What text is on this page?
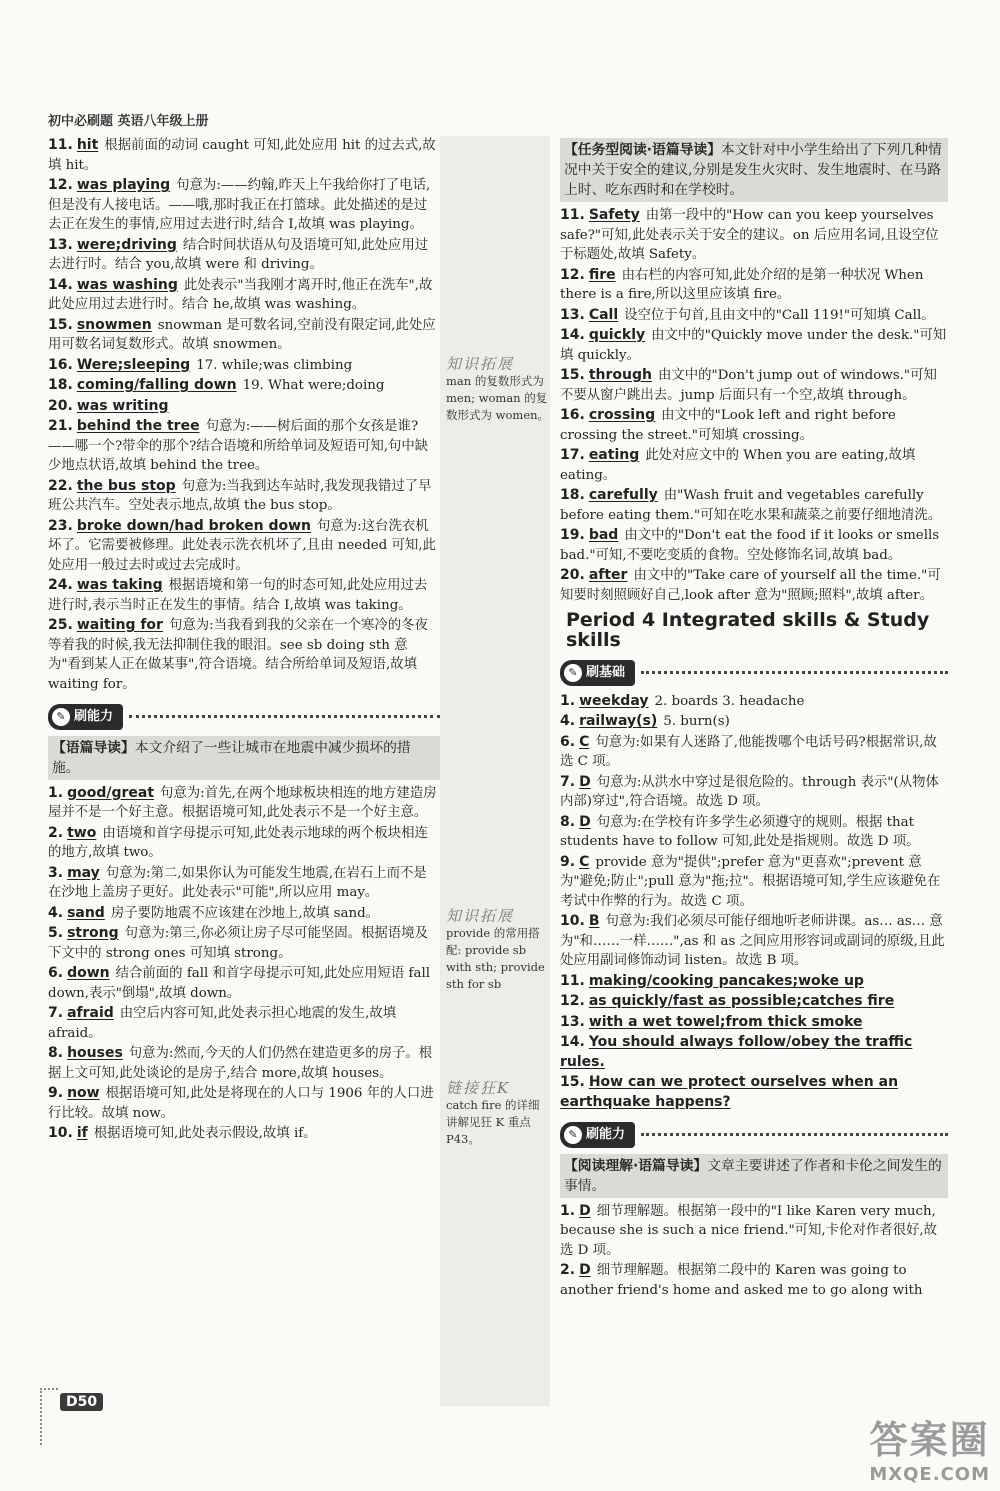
初中必刷题 英语八年级上册
11. hit 根据前面的动词 caught 可知,此处应用 hit 的过去式,故填 hit。
12. was playing 句意为:——约翰,昨天上午我给你打了电话,但是没有人接电话。——哦,那时我正在打篮球。此处描述的是过去正在发生的事情,应用过去进行时,结合 I,故填 was playing。
13. were;driving 结合时间状语从句及语境可知,此处应用过去进行时。结合 you,故填 were 和 driving。
14. was washing 此处表示"当我刚才离开时,他正在洗车",故此处应用过去进行时。结合 he,故填 was washing。
15. snowmen snowman 是可数名词,空前没有限定词,此处应用可数名词复数形式。故填 snowmen。
16. Were;sleeping 17. while;was climbing
18. coming/falling down 19. What were;doing
20. was writing
21. behind the tree 句意为:——树后面的那个女孩是谁?——哪一个?带伞的那个?结合语境和所给单词及短语可知,句中缺少地点状语,故填 behind the tree。
22. the bus stop 句意为:当我到达车站时,我发现我错过了早班公共汽车。空处表示地点,故填 the bus stop。
23. broke down/had broken down 句意为:这台洗衣机坏了。它需要被修理。此处表示洗衣机坏了,且由 needed 可知,此处应用一般过去时或过去完成时。
24. was taking 根据语境和第一句的时态可知,此处应用过去进行时,表示当时正在发生的事情。结合 I,故填 was taking。
25. waiting for 句意为:当我看到我的父亲在一个寒冷的冬夜等着我的时候,我无法抑制住我的眼泪。see sb doing sth 意为"看到某人正在做某事",符合语境。结合所给单词及短语,故填 waiting for。
✎ 刷能力
【语篇导读】本文介绍了一些让城市在地震中减少损坏的措施。
1. good/great 句意为:首先,在两个地球板块相连的地方建造房屋并不是一个好主意。根据语境可知,此处表示不是一个好主意。
2. two 由语境和首字母提示可知,此处表示地球的两个板块相连的地方,故填 two。
3. may 句意为:第二,如果你认为可能发生地震,在岩石上而不是在沙地上盖房子更好。此处表示"可能",所以应用 may。
4. sand 房子要防地震不应该建在沙地上,故填 sand。
5. strong 句意为:第三,你必须让房子尽可能坚固。根据语境及下文中的 strong ones 可知填 strong。
6. down 结合前面的 fall 和首字母提示可知,此处应用短语 fall down,表示"倒塌",故填 down。
7. afraid 由空后内容可知,此处表示担心地震的发生,故填 afraid。
8. houses 句意为:然而,今天的人们仍然在建造更多的房子。根据上文可知,此处谈论的是房子,结合 more,故填 houses。
9. now 根据语境可知,此处是将现在的人口与 1906 年的人口进行比较。故填 now。
10. if 根据语境可知,此处表示假设,故填 if。
知识拓展
man 的复数形式为 men; woman 的复数形式为 women。
知识拓展
provide 的常用搭配: provide sb with sth; provide sth for sb
链接狂K
catch fire 的详细讲解见狂 K 重点 P43。
【任务型阅读·语篇导读】本文针对中小学生给出了下列几种情况中关于安全的建议,分别是发生火灾时、发生地震时、在马路上时、吃东西时和在学校时。
11. Safety 由第一段中的"How can you keep yourselves safe?"可知,此处表示关于安全的建议。on 后应用名词,且设空位于标题处,故填 Safety。
12. fire 由右栏的内容可知,此处介绍的是第一种状况 When there is a fire,所以这里应该填 fire。
13. Call 设空位于句首,且由文中的"Call 119!"可知填 Call。
14. quickly 由文中的"Quickly move under the desk."可知填 quickly。
15. through 由文中的"Don't jump out of windows."可知不要从窗户跳出去。jump 后面只有一个空,故填 through。
16. crossing 由文中的"Look left and right before crossing the street."可知填 crossing。
17. eating 此处对应文中的 When you are eating,故填 eating。
18. carefully 由"Wash fruit and vegetables carefully before eating them."可知在吃水果和蔬菜之前要仔细地清洗。
19. bad 由文中的"Don't eat the food if it looks or smells bad."可知,不要吃变质的食物。空处修饰名词,故填 bad。
20. after 由文中的"Take care of yourself all the time."可知要时刻照顾好自己,look after 意为"照顾;照料",故填 after。
Period 4 Integrated skills & Study skills
✎ 刷基础
1. weekday 2. boards 3. headache
4. railway(s) 5. burn(s)
6. C 句意为:如果有人迷路了,他能拨哪个电话号码?根据常识,故选 C 项。
7. D 句意为:从洪水中穿过是很危险的。through 表示"(从物体内部)穿过",符合语境。故选 D 项。
8. D 句意为:在学校有许多学生必须遵守的规则。根据 that students have to follow 可知,此处是指规则。故选 D 项。
9. C provide 意为"提供";prefer 意为"更喜欢";prevent 意为"避免;防止";pull 意为"拖;拉"。根据语境可知,学生应该避免在考试中作弊的行为。故选 C 项。
10. B 句意为:我们必须尽可能仔细地听老师讲课。as… as… 意为"和……一样……",as 和 as 之间应用形容词或副词的原级,且此处应用副词修饰动词 listen。故选 B 项。
11. making/cooking pancakes;woke up
12. as quickly/fast as possible;catches fire
13. with a wet towel;from thick smoke
14. You should always follow/obey the traffic rules.
15. How can we protect ourselves when an earthquake happens?
✎ 刷能力
【阅读理解·语篇导读】文章主要讲述了作者和卡伦之间发生的事情。
1. D 细节理解题。根据第一段中的"I like Karen very much, because she is such a nice friend."可知,卡伦对作者很好,故选 D 项。
2. D 细节理解题。根据第二段中的 Karen was going to another friend's home and asked me to go along with
D50
答案圈
MXQE.COM
